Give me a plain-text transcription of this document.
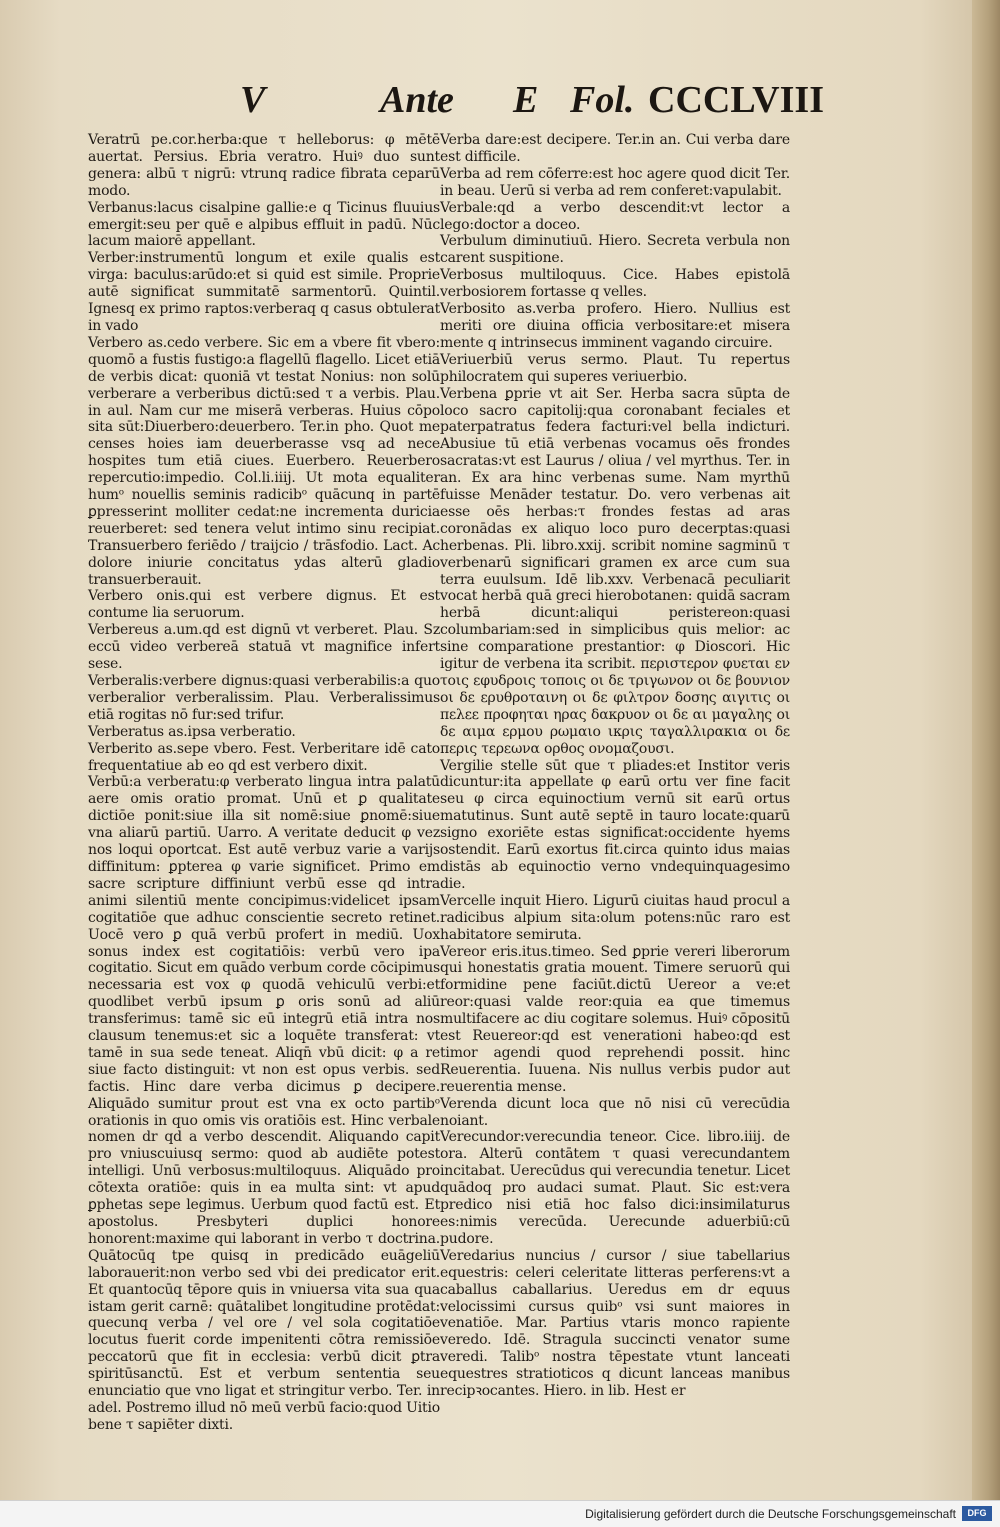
V	Ante E Fol. CCCLVIII

Veratrū pe.cor.herba:que τ helleborus: φ mētē auertat. Persius. Ebria veratro. Huiꝰ duo sunt genera: albū τ nigrū: vtrunq radice fibrata ceparū modo.

Verbanus:lacus cisalpine gallie:e q Ticinus fluuius emergit:seu per quē e alpibus effluit in padū. Nūc lacum maiorē appellant.

Verber:instrumentū longum et exile qualis est virga: baculus:arūdo:et si quid est simile. Proprie autē significat summitatē sarmentorū. Quintil. Ignesq ex primo raptos:verberaq q casus obtulerat in vado

Verbero as.cedo verbere. Sic em a vbere fit vbero: quomō a fustis fustigo:a flagellū flagello. Licet etiā de verbis dicat: quoniā vt testat Nonius: non solū verberare a verberibus dictū:sed τ a verbis. Plau. in aul. Nam cur me miserā verberas. Huius cōpo sita sūt:Diuerbero:deuerbero. Ter.in pho. Quot me censes hoies iam deuerberasse vsq ad nece hospites tum etiā ciues. Euerbero. Reuerbero repercutio:impedio. Col.li.iiij. Ut mota equaliter humᵒ nouellis seminis radicibᵒ quācunq in partē ꝑpresserint molliter cedat:ne incrementa duricia reuerberet: sed tenera velut intimo sinu recipiat. Transuerbero feriēdo / traijcio / trāsfodio. Lact. Ac dolore iniurie concitatus ydas alterū gladio transuerberauit.

Verbero onis.qui est verbere dignus. Et est contume lia seruorum.

Verbereus a.um.qd est dignū vt verberet. Plau. Sz eccū video verbereā statuā vt magnifice infert sese.

Verberalis:verbere dignus:quasi verberabilis:a quo verberalior verberalissim. Plau. Verberalissimus etiā rogitas nō fur:sed trifur.

Verberatus as.ipsa verberatio.

Verberito as.sepe vbero. Fest. Verberitare idē cato frequentatiue ab eo qd est verbero dixit.

Verbū:a verberatu:φ verberato lingua intra palatū aere omis oratio promat. Unū et ꝑ qualitate dictiōe ponit:siue illa sit nomē:siue ꝑnomē:siue vna aliarū partiū. Uarro. A veritate deducit φ vez nos loqui oportcat. Est autē verbuz varie a varijs diffinitum: ꝑpterea φ varie significet. Primo em sacre scripture diffiniunt verbū esse qd intra animi silentiū mente concipimus:videlicet ipsam cogitatiōe que adhuc conscientie secreto retinet. Uocē vero ꝑ quā verbū profert in mediū. Uox sonus index est cogitatiōis: verbū vero ipa cogitatio. Sicut em quādo verbum corde cōcipimus necessaria est vox φ quodā vehiculū verbi:et quodlibet verbū ipsum ꝑ oris sonū ad aliū transferimus: tamē sic eū integrū etiā intra nos clausum tenemus:et sic a loquēte transferat: vt tamē in sua sede teneat. Aliqn̄ vbū dicit: φ a re siue facto distinguit: vt non est opus verbis. sed factis. Hinc dare verba dicimus ꝑ decipere. Aliquādo sumitur prout est vna ex octo partibᵒ orationis in quo omis vis oratiōis est. Hinc verbale nomen dr qd a verbo descendit. Aliquando capit pro vniuscuiusq sermo: quod ab audiēte potest intelligi. Unū verbosus:multiloquus. Aliquādo pro cōtexta oratiōe: quis in ea multa sint: vt apud ꝑphetas sepe legimus. Uerbum quod factū est. Et apostolus. Presbyteri duplici honore honorent:maxime qui laborant in verbo τ doctrina. Quātocūq tpe quisq in predicādo euāgeliū laborauerit:non verbo sed vbi dei predicator erit. Et quantocūq tēpore quis in vniuersa vita sua qua istam gerit carnē: quātalibet longitudine protēdat: quecunq verba / vel ore / vel sola cogitatiōe locutus fuerit corde impenitenti cōtra remissiōe peccatorū que fit in ecclesia: verbū dicit ꝑtra spiritūsanctū. Est et verbum sententia seu enunciatio que vno ligat et stringitur verbo. Ter. in adel. Postremo illud nō meū verbū facio:quod Uitio bene τ sapiēter dixti.

Verba dare:est decipere. Ter.in an. Cui verba dare est difficile.

Verba ad rem cōferre:est hoc agere quod dicit Ter. in beau. Uerū si verba ad rem conferet:vapulabit.

Verbale:qd a verbo descendit:vt lector a lego:doctor a doceo.

Verbulum diminutiuū. Hiero. Secreta verbula non carent suspitione.

Verbosus multiloquus. Cice. Habes epistolā verbosiorem fortasse q velles.

Verbosito as.verba profero. Hiero. Nullius est meriti ore diuina officia verbositare:et misera mente q intrinsecus imminent vagando circuire.

Veriuerbiū verus sermo. Plaut. Tu repertus philocratem qui superes veriuerbio.

Verbena ꝑprie vt ait Ser. Herba sacra sūpta de loco sacro capitolij:qua coronabant feciales et paterpatratus federa facturi:vel bella indicturi. Abusiue tū etiā verbenas vocamus oēs frondes sacratas:vt est Laurus / oliua / vel myrthus. Ter. in an. Ex ara hinc verbenas sume. Nam myrthū fuisse Menāder testatur. Do. vero verbenas ait esse oēs herbas:τ frondes festas ad aras coronādas ex aliquo loco puro decerptas:quasi herbenas. Pli. libro.xxij. scribit nomine sagminū τ verbenarū significari gramen ex arce cum sua terra euulsum. Idē lib.xxv. Verbenacā peculiarit vocat herbā quā greci hierobotanen: quidā sacram herbā dicunt:aliqui peristereon:quasi columbariam:sed in simplicibus quis melior: ac sine comparatione prestantior: φ Dioscori. Hic igitur de verbena ita scribit. περιστερον φυεται εν τοις εφυδροις τοποις οι δε τριγωνον οι δε βουνιον οι δε ερυθροταινη οι δε φιλτρον δοσης αιγιτις οι πελεε προφηται ηρας δακρυον οι δε αι μαγαλης οι δε αιμα ερμου ρωμαιο ικρις ταγαλλιρακια οι δε περις τερεωνα ορθος ονομαζουσι.

Vergilie stelle sūt que τ pliades:et Institor veris dicuntur:ita appellate φ earū ortu ver fine facit seu φ circa equinoctium vernū sit earū ortus matutinus. Sunt autē septē in tauro locate:quarū signo exoriēte estas significat:occidente hyems ostendit. Earū exortus fit.circa quinto idus maias distās ab equinoctio verno vndequinquagesimo die.

Vercelle inquit Hiero. Ligurū ciuitas haud procul a radicibus alpium sita:olum potens:nūc raro est habitatore semiruta.

Vereor eris.itus.timeo. Sed ꝑprie vereri liberorum qui honestatis gratia mouent. Timere seruorū qui formidine pene faciūt.dictū Uereor a ve:et reor:quasi valde reor:quia ea que timemus multifacere ac diu cogitare solemus. Huiꝰ cōpositū est Reuereor:qd est venerationi habeo:qd est timor agendi quod reprehendi possit. hinc Reuerentia. Iuuena. Nis nullus verbis pudor aut reuerentia mense.

Verenda dicunt loca que nō nisi cū verecūdia noiant.

Verecundor:verecundia teneor. Cice. libro.iiij. de ora. Alterū contātem τ quasi verecundantem incitabat. Uerecūdus qui verecundia tenetur. Licet quādoq pro audaci sumat. Plaut. Sic est:vera predico nisi etiā hoc falso dici:insimilaturus es:nimis verecūda. Uerecunde aduerbiū:cū pudore.

Veredarius nuncius / cursor / siue tabellarius equestris: celeri celeritate litteras perferens:vt a caballus caballarius. Ueredus em dr equus velocissimi cursus quibᵒ vsi sunt maiores in venatiōe. Mar. Partius vtaris monco rapiente veredo. Idē. Stragula succincti venator sume veredi. Talibᵒ nostra tēpestate vtunt lanceati equestres stratioticos q dicunt lanceas manibus recipꝛocantes. Hiero. in lib. Hest er

Digitalisierung gefördert durch die Deutsche Forschungsgemeinschaft	DFG
